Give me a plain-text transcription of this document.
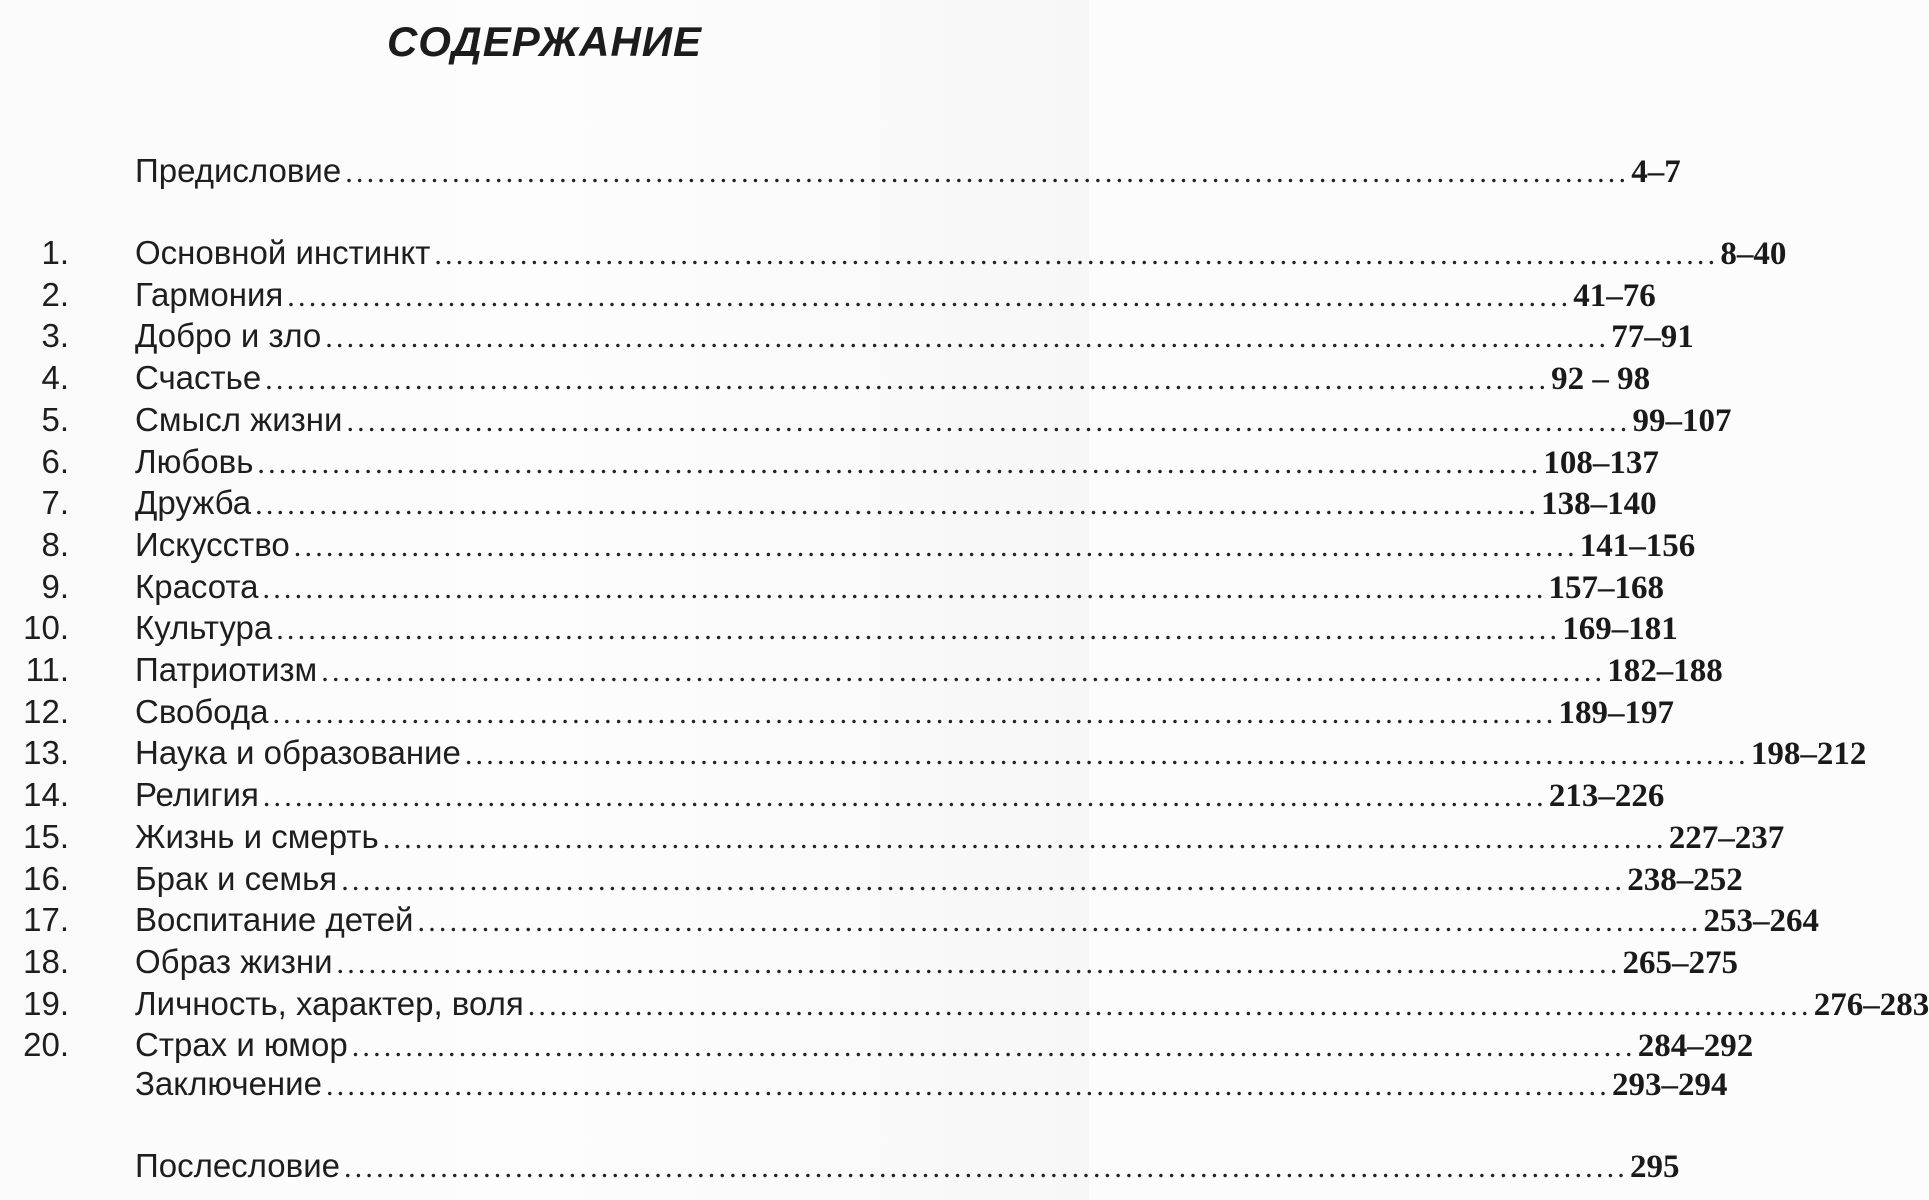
СОДЕРЖАНИЕ
Предисловие ........................................................................................................................ 4–7
1. Основной инстинкт ........................................................................................................................ 8–40
2. Гармония ........................................................................................................................ 41–76
3. Добро и зло ........................................................................................................................ 77–91
4. Счастье ........................................................................................................................ 92 – 98
5. Смысл жизни ........................................................................................................................ 99–107
6. Любовь ........................................................................................................................ 108–137
7. Дружба ........................................................................................................................ 138–140
8. Искусство ........................................................................................................................ 141–156
9. Красота ........................................................................................................................ 157–168
10. Культура ........................................................................................................................ 169–181
11. Патриотизм ........................................................................................................................ 182–188
12. Свобода ........................................................................................................................ 189–197
13. Наука и образование ........................................................................................................................ 198–212
14. Религия ........................................................................................................................ 213–226
15. Жизнь и смерть ........................................................................................................................ 227–237
16. Брак и семья ........................................................................................................................ 238–252
17. Воспитание детей ........................................................................................................................ 253–264
18. Образ жизни ........................................................................................................................ 265–275
19. Личность, характер, воля ........................................................................................................................ 276–283
20. Страх и юмор ........................................................................................................................ 284–292
Заключение ........................................................................................................................ 293–294
Послесловие ........................................................................................................................ 295
